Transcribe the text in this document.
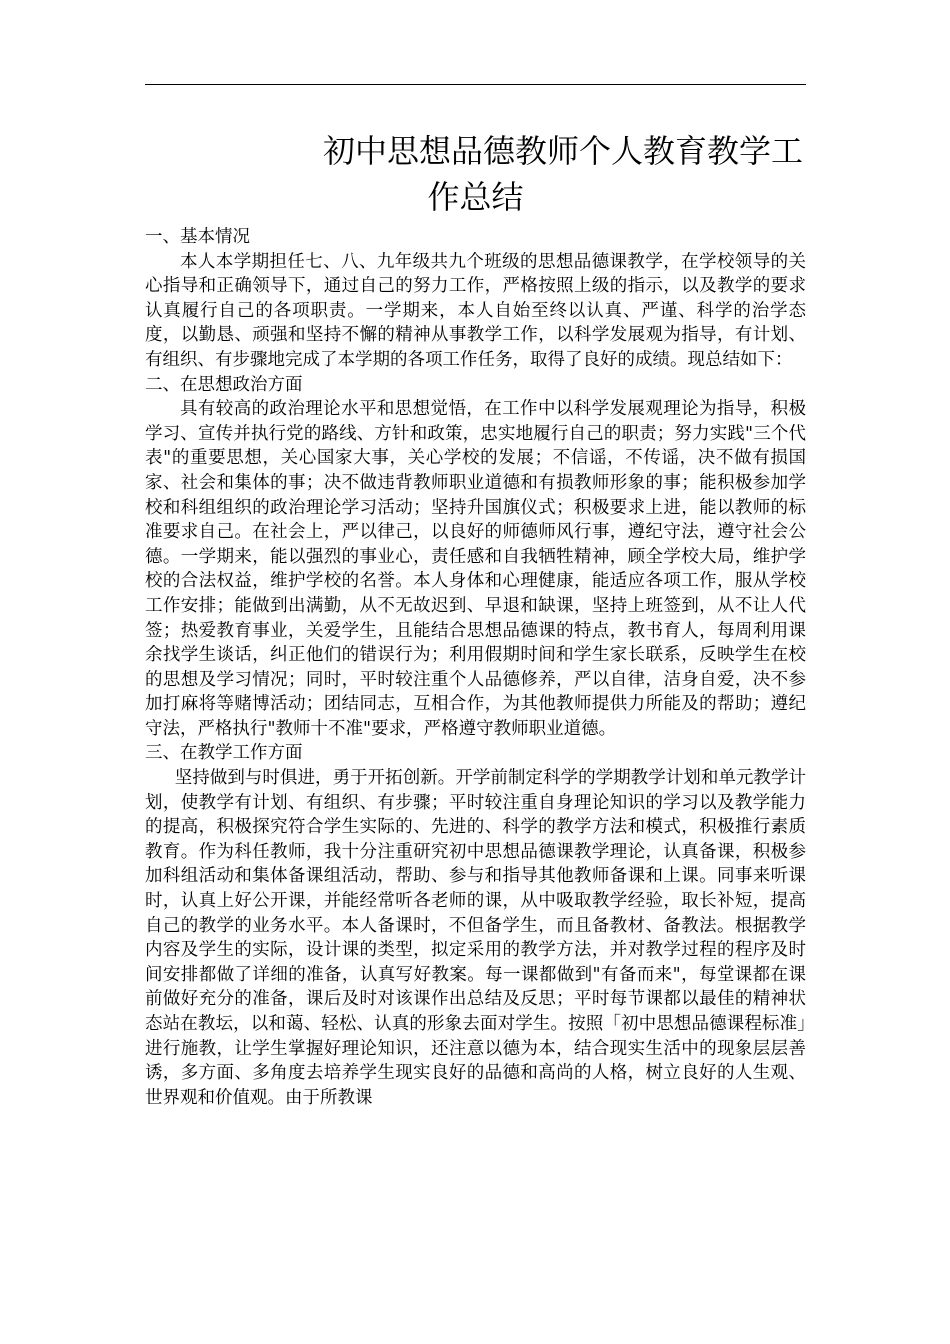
初中思想品德教师个人教育教学工
作总结

一、基本情况

本人本学期担任七、八、九年级共九个班级的思想品德课教学，在学校领导的关心指导和正确领导下，通过自己的努力工作，严格按照上级的指示，以及教学的要求认真履行自己的各项职责。一学期来，本人自始至终以认真、严谨、科学的治学态度，以勤恳、顽强和坚持不懈的精神从事教学工作，以科学发展观为指导，有计划、有组织、有步骤地完成了本学期的各项工作任务，取得了良好的成绩。现总结如下：

二、在思想政治方面

具有较高的政治理论水平和思想觉悟，在工作中以科学发展观理论为指导，积极学习、宣传并执行党的路线、方针和政策，忠实地履行自己的职责；努力实践"三个代表"的重要思想，关心国家大事，关心学校的发展；不信谣，不传谣，决不做有损国家、社会和集体的事；决不做违背教师职业道德和有损教师形象的事；能积极参加学校和科组组织的政治理论学习活动；坚持升国旗仪式；积极要求上进，能以教师的标准要求自己。在社会上，严以律己，以良好的师德师风行事，遵纪守法，遵守社会公德。一学期来，能以强烈的事业心，责任感和自我牺牲精神，顾全学校大局，维护学校的合法权益，维护学校的名誉。本人身体和心理健康，能适应各项工作，服从学校工作安排；能做到出满勤，从不无故迟到、早退和缺课，坚持上班签到，从不让人代签；热爱教育事业，关爱学生，且能结合思想品德课的特点，教书育人，每周利用课余找学生谈话，纠正他们的错误行为；利用假期时间和学生家长联系，反映学生在校的思想及学习情况；同时，平时较注重个人品德修养，严以自律，洁身自爱，决不参加打麻将等赌博活动；团结同志，互相合作，为其他教师提供力所能及的帮助；遵纪守法，严格执行"教师十不准"要求，严格遵守教师职业道德。

三、在教学工作方面

坚持做到与时俱进，勇于开拓创新。开学前制定科学的学期教学计划和单元教学计划，使教学有计划、有组织、有步骤；平时较注重自身理论知识的学习以及教学能力的提高，积极探究符合学生实际的、先进的、科学的教学方法和模式，积极推行素质教育。作为科任教师，我十分注重研究初中思想品德课教学理论，认真备课，积极参加科组活动和集体备课组活动，帮助、参与和指导其他教师备课和上课。同事来听课时，认真上好公开课，并能经常听各老师的课，从中吸取教学经验，取长补短，提高自己的教学的业务水平。本人备课时，不但备学生，而且备教材、备教法。根据教学内容及学生的实际，设计课的类型，拟定采用的教学方法，并对教学过程的程序及时间安排都做了详细的准备，认真写好教案。每一课都做到"有备而来"，每堂课都在课前做好充分的准备，课后及时对该课作出总结及反思；平时每节课都以最佳的精神状态站在教坛，以和蔼、轻松、认真的形象去面对学生。按照「初中思想品德课程标准」进行施教，让学生掌握好理论知识，还注意以德为本，结合现实生活中的现象层层善诱，多方面、多角度去培养学生现实良好的品德和高尚的人格，树立良好的人生观、世界观和价值观。由于所教课
